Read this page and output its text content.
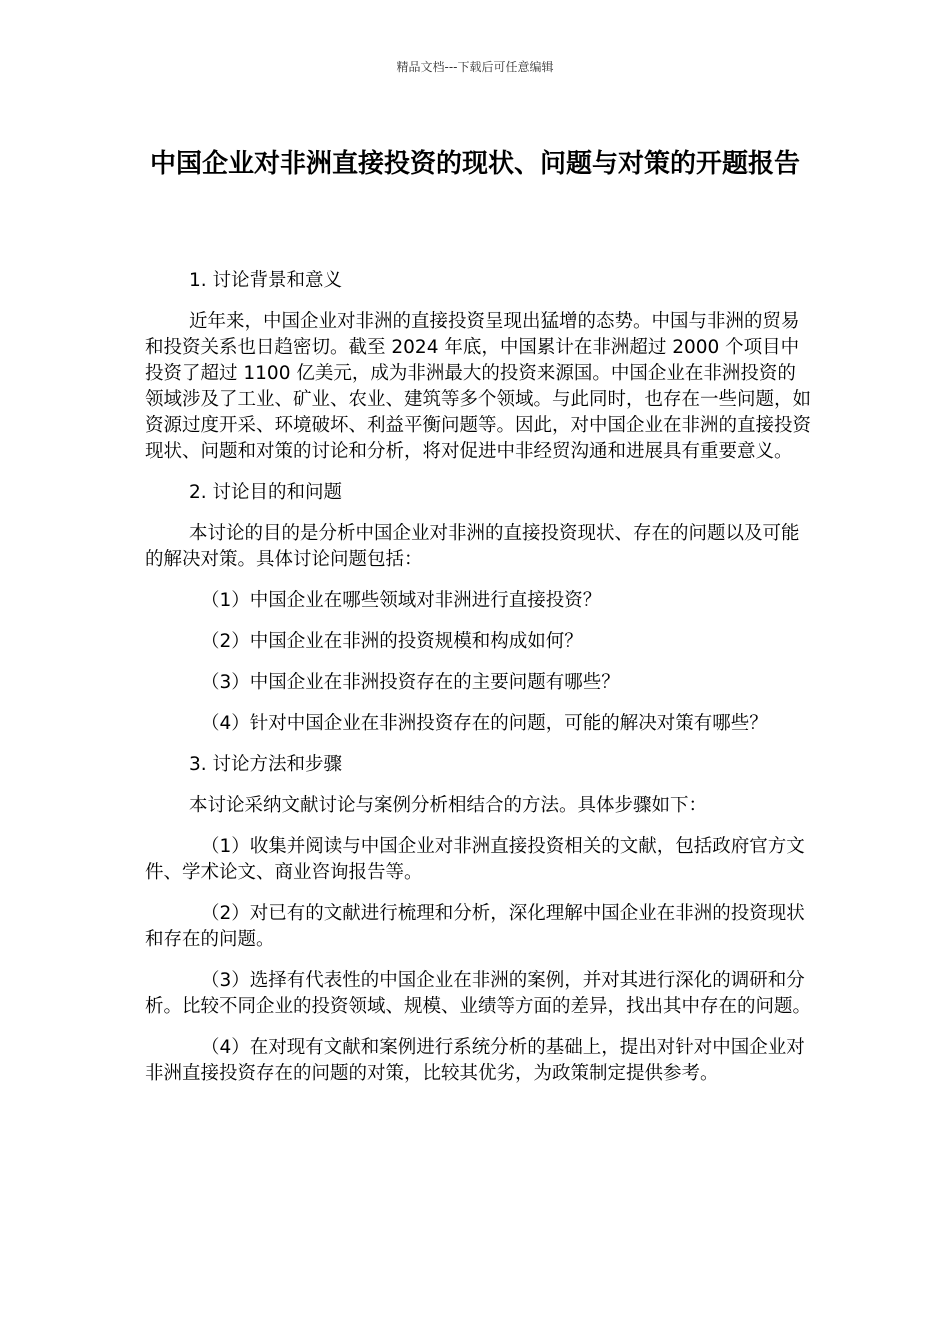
精品文档---下载后可任意编辑
中国企业对非洲直接投资的现状、问题与对策的开题报告

1. 讨论背景和意义

近年来，中国企业对非洲的直接投资呈现出猛增的态势。中国与非洲的贸易和投资关系也日趋密切。截至 2024 年底，中国累计在非洲超过 2000 个项目中投资了超过 1100 亿美元，成为非洲最大的投资来源国。中国企业在非洲投资的领域涉及了工业、矿业、农业、建筑等多个领域。与此同时，也存在一些问题，如资源过度开采、环境破坏、利益平衡问题等。因此，对中国企业在非洲的直接投资现状、问题和对策的讨论和分析，将对促进中非经贸沟通和进展具有重要意义。

2. 讨论目的和问题

本讨论的目的是分析中国企业对非洲的直接投资现状、存在的问题以及可能的解决对策。具体讨论问题包括：

（1）中国企业在哪些领域对非洲进行直接投资？

（2）中国企业在非洲的投资规模和构成如何？

（3）中国企业在非洲投资存在的主要问题有哪些？

（4）针对中国企业在非洲投资存在的问题，可能的解决对策有哪些？

3. 讨论方法和步骤

本讨论采纳文献讨论与案例分析相结合的方法。具体步骤如下：

（1）收集并阅读与中国企业对非洲直接投资相关的文献，包括政府官方文件、学术论文、商业咨询报告等。

（2）对已有的文献进行梳理和分析，深化理解中国企业在非洲的投资现状和存在的问题。

（3）选择有代表性的中国企业在非洲的案例，并对其进行深化的调研和分析。比较不同企业的投资领域、规模、业绩等方面的差异，找出其中存在的问题。

（4）在对现有文献和案例进行系统分析的基础上，提出对针对中国企业对非洲直接投资存在的问题的对策，比较其优劣，为政策制定提供参考。
